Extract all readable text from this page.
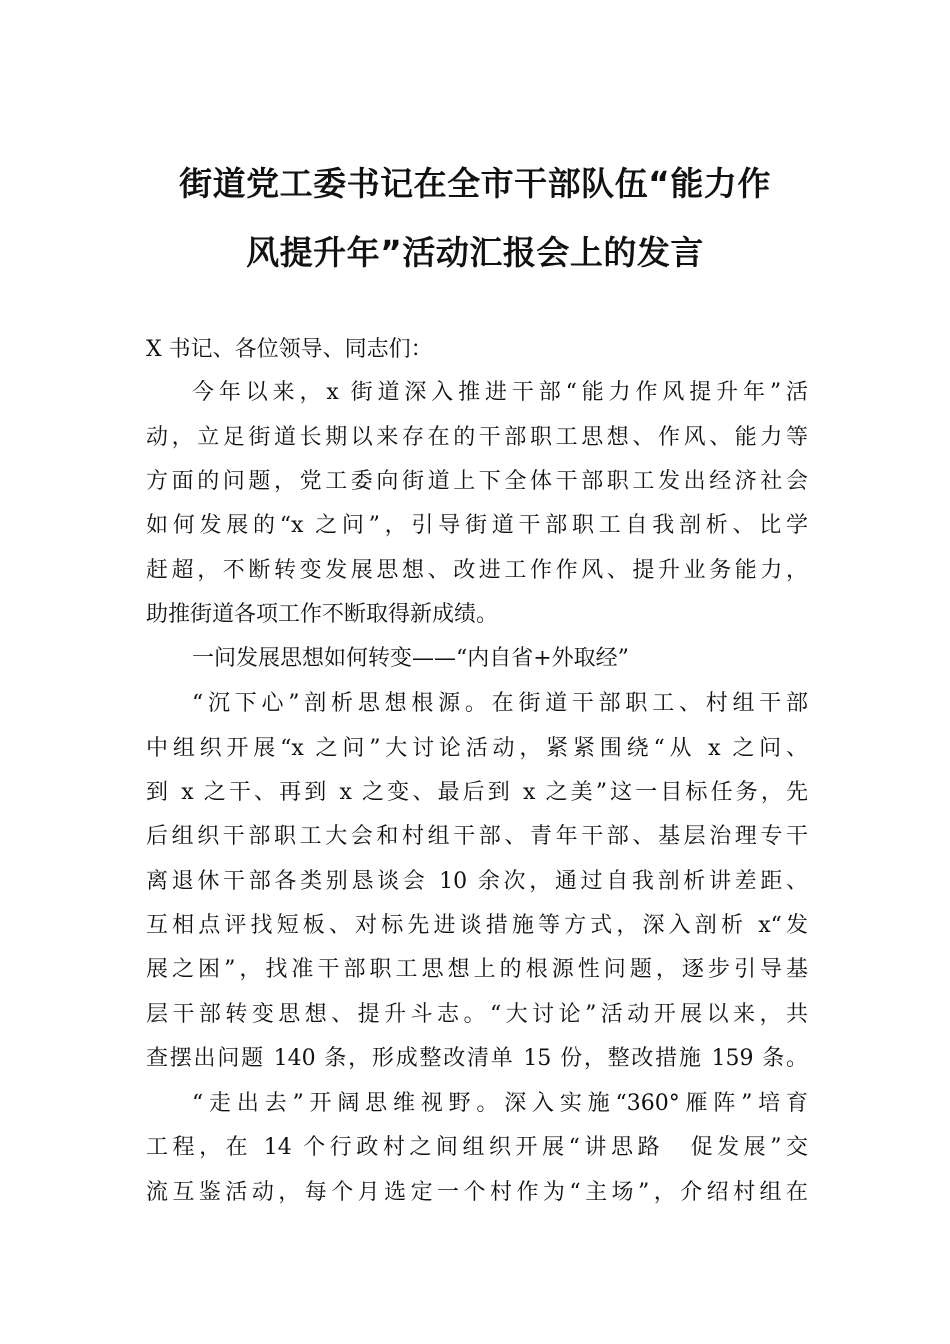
街道党工委书记在全市干部队伍“能力作
风提升年”活动汇报会上的发言

X 书记、各位领导、同志们：

今年以来，x 街道深入推进干部“能力作风提升年”活

动，立足街道长期以来存在的干部职工思想、作风、能力等

方面的问题，党工委向街道上下全体干部职工发出经济社会

如何发展的“x 之问”，引导街道干部职工自我剖析、比学

赶超，不断转变发展思想、改进工作作风、提升业务能力，

助推街道各项工作不断取得新成绩。

一问发展思想如何转变——“内自省+外取经”

“沉下心”剖析思想根源。在街道干部职工、村组干部

中组织开展“x 之问”大讨论活动，紧紧围绕“从 x 之问、

到 x 之干、再到 x 之变、最后到 x 之美”这一目标任务，先

后组织干部职工大会和村组干部、青年干部、基层治理专干

离退休干部各类别恳谈会 10 余次，通过自我剖析讲差距、

互相点评找短板、对标先进谈措施等方式，深入剖析 x“发

展之困”，找准干部职工思想上的根源性问题，逐步引导基

层干部转变思想、提升斗志。“大讨论”活动开展以来，共

查摆出问题 140 条，形成整改清单 15 份，整改措施 159 条。

“走出去”开阔思维视野。深入实施“360°雁阵”培育

工程，在 14 个行政村之间组织开展“讲思路　促发展”交

流互鉴活动，每个月选定一个村作为“主场”，介绍村组在
